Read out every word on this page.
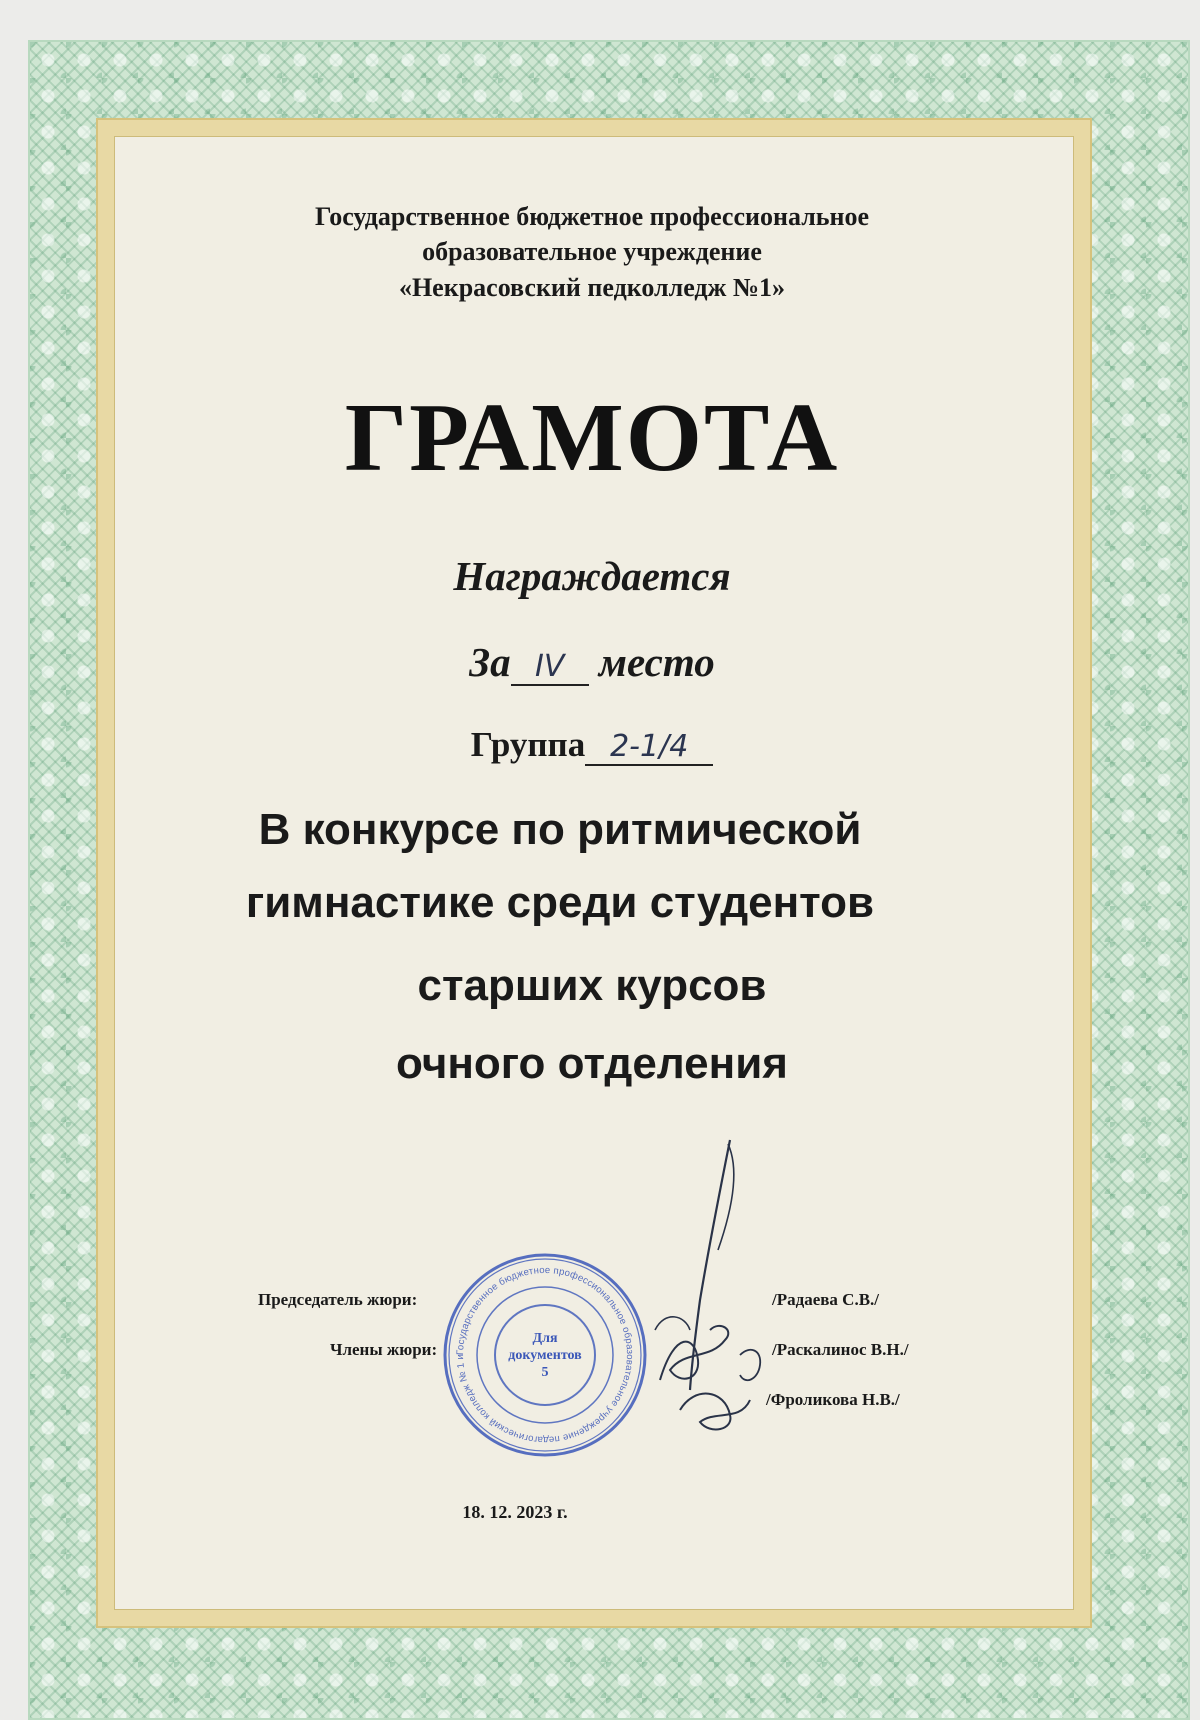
Государственное бюджетное профессиональное
образовательное учреждение
«Некрасовский педколледж №1»
ГРАМОТА
Награждается
За IV место
Группа 2-1/4
В конкурсе по ритмической
гимнастике среди студентов
старших курсов
очного отделения
Председатель жюри:
Члены жюри:
/Радаева С.В./
/Раскалинос В.Н./
/Фроликова Н.В./
Государственное бюджетное профессиональное образовательное учреждение педагогический колледж № 1 им. Н.А. Некрасова Санкт-Петербурга ОГРН 1027801009861 ИНН 7810191042
Для
документов
5
18. 12. 2023 г.
